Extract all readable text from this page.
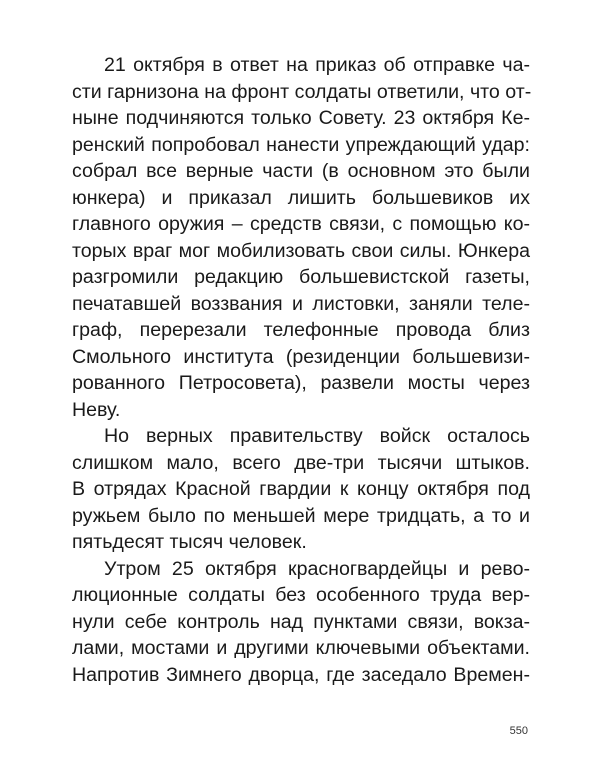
21 октября в ответ на приказ об отправке ча-
сти гарнизона на фронт солдаты ответили, что от-
ныне подчиняются только Совету. 23 октября Ке-
ренский попробовал нанести упреждающий удар:
собрал все верные части (в основном это были
юнкера) и приказал лишить большевиков их
главного оружия – средств связи, с помощью ко-
торых враг мог мобилизовать свои силы. Юнкера
разгромили редакцию большевистской газеты,
печатавшей воззвания и листовки, заняли теле-
граф, перерезали телефонные провода близ
Смольного института (резиденции большевизи-
рованного Петросовета), развели мосты через
Неву.
Но верных правительству войск осталось
слишком мало, всего две-три тысячи штыков.
В отрядах Красной гвардии к концу октября под
ружьем было по меньшей мере тридцать, а то и
пятьдесят тысяч человек.
Утром 25 октября красногвардейцы и рево-
люционные солдаты без особенного труда вер-
нули себе контроль над пунктами связи, вокза-
лами, мостами и другими ключевыми объектами.
Напротив Зимнего дворца, где заседало Времен-
550
